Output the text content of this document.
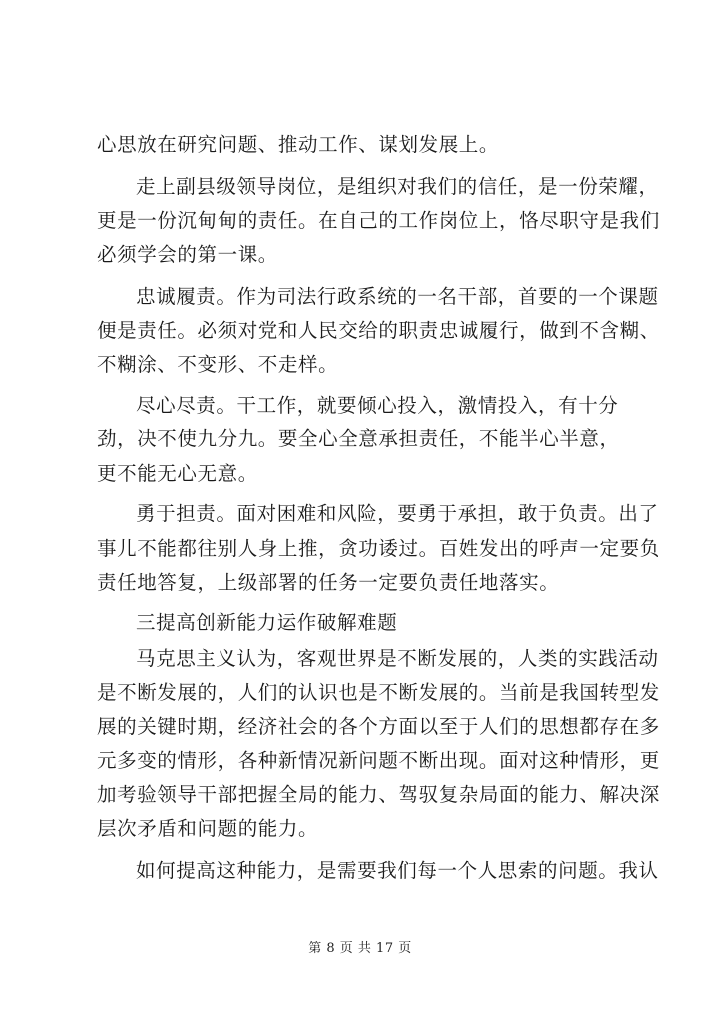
心思放在研究问题、推动工作、谋划发展上。
走上副县级领导岗位，是组织对我们的信任，是一份荣耀，
更是一份沉甸甸的责任。在自己的工作岗位上，恪尽职守是我们
必须学会的第一课。
忠诚履责。作为司法行政系统的一名干部，首要的一个课题
便是责任。必须对党和人民交给的职责忠诚履行，做到不含糊、
不糊涂、不变形、不走样。
尽心尽责。干工作，就要倾心投入，激情投入，有十分
劲，决不使九分九。要全心全意承担责任，不能半心半意，
更不能无心无意。
勇于担责。面对困难和风险，要勇于承担，敢于负责。出了
事儿不能都往别人身上推，贪功诿过。百姓发出的呼声一定要负
责任地答复，上级部署的任务一定要负责任地落实。
三提高创新能力运作破解难题
马克思主义认为，客观世界是不断发展的，人类的实践活动
是不断发展的，人们的认识也是不断发展的。当前是我国转型发
展的关键时期，经济社会的各个方面以至于人们的思想都存在多
元多变的情形，各种新情况新问题不断出现。面对这种情形，更
加考验领导干部把握全局的能力、驾驭复杂局面的能力、解决深
层次矛盾和问题的能力。
如何提高这种能力，是需要我们每一个人思索的问题。我认
第 8 页 共 17 页
